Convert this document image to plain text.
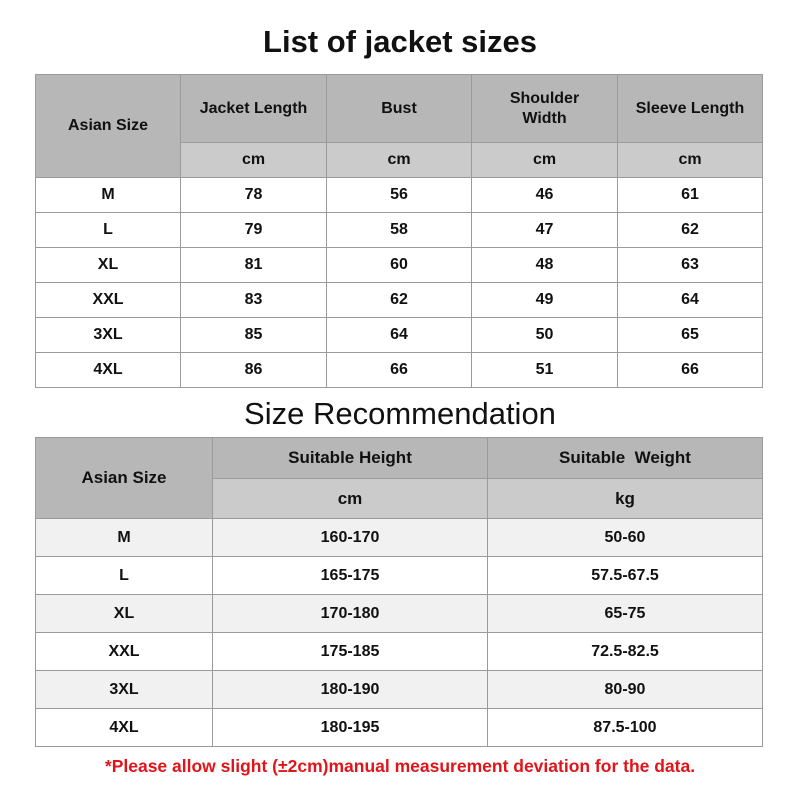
List of jacket sizes
Asian Size	Jacket Length	Bust	Shoulder Width	Sleeve Length
	cm	cm	cm	cm
M	78	56	46	61
L	79	58	47	62
XL	81	60	48	63
XXL	83	62	49	64
3XL	85	64	50	65
4XL	86	66	51	66
Size Recommendation
Asian Size	Suitable Height	Suitable  Weight
	cm	kg
M	160-170	50-60
L	165-175	57.5-67.5
XL	170-180	65-75
XXL	175-185	72.5-82.5
3XL	180-190	80-90
4XL	180-195	87.5-100
*Please allow slight (±2cm)manual measurement deviation for the data.
